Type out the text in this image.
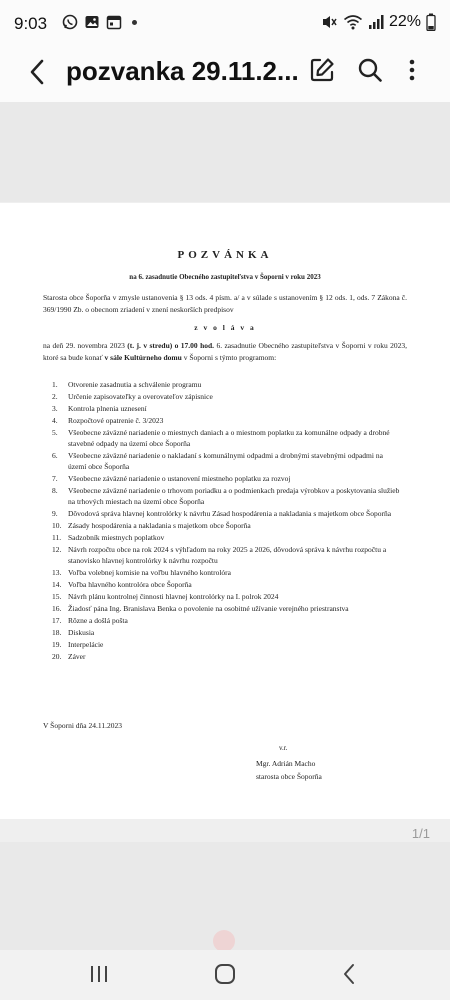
9:03	22%
pozvanka 29.11.2...
POZVÁNKA
na 6. zasadnutie Obecného zastupiteľstva v Šoporni v roku 2023
Starosta obce Šoporňa v zmysle ustanovenia § 13 ods. 4 písm. a/ a v súlade s ustanovením § 12 ods. 1, ods. 7 Zákona č. 369/1990 Zb. o obecnom zriadení v znení neskorších predpisov
z v o l á v a
na deň 29. novembra 2023 (t. j. v stredu) o 17.00 hod. 6. zasadnutie Obecného zastupiteľstva v Šoporni v roku 2023, ktoré sa bude konať v sále Kultúrneho domu v Šoporni s týmto programom:
1. Otvorenie zasadnutia a schválenie programu
2. Určenie zapisovateľky a overovateľov zápisnice
3. Kontrola plnenia uznesení
4. Rozpočtové opatrenie č. 3/2023
5. Všeobecne záväzné nariadenie o miestnych daniach a o miestnom poplatku za komunálne odpady a drobné stavebné odpady na území obce Šoporňa
6. Všeobecne záväzné nariadenie o nakladaní s komunálnymi odpadmi a drobnými stavebnými odpadmi na území obce Šoporňa
7. Všeobecne záväzné nariadenie o ustanovení miestneho poplatku za rozvoj
8. Všeobecne záväzné nariadenie o trhovom poriadku a o podmienkach predaja výrobkov a poskytovania služieb na trhových miestach na území obce Šoporňa
9. Dôvodová správa hlavnej kontrolórky k návrhu Zásad hospodárenia a nakladania s majetkom obce Šoporňa
10. Zásady hospodárenia a nakladania s majetkom obce Šoporňa
11. Sadzobník miestnych poplatkov
12. Návrh rozpočtu obce na rok 2024 s výhľadom na roky 2025 a 2026, dôvodová správa k návrhu rozpočtu a stanovisko hlavnej kontrolórky k návrhu rozpočtu
13. Voľba volebnej komisie na voľbu hlavného kontrolóra
14. Voľba hlavného kontrolóra obce Šoporňa
15. Návrh plánu kontrolnej činnosti hlavnej kontrolórky na I. polrok 2024
16. Žiadosť pána Ing. Branislava Benka o povolenie na osobitné užívanie verejného priestranstva
17. Rôzne a došlá pošta
18. Diskusia
19. Interpelácie
20. Záver
V Šoporni dňa 24.11.2023
v.r.
Mgr. Adrián Macho
starosta obce Šoporňa
1/1
